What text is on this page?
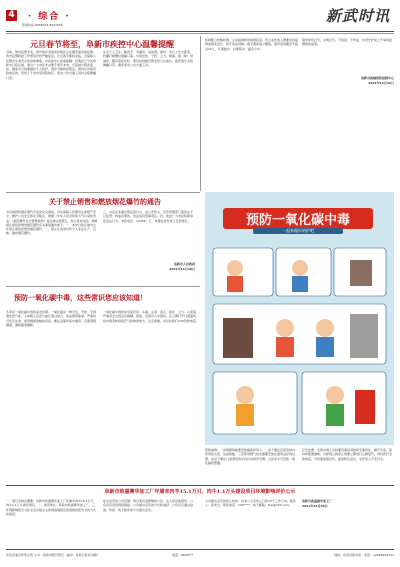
4 · 综合 ·
新闻热线:8068076 8993056	新武时讯
元旦春节将至，阜新市疾控中心温馨提醒
当前，国内疫情多发，国外的许多国家和地区正在爆发第四波疫情，我市疫情防控工作形势仍然严峻复杂。元旦春节即将来临，为保障人民群众生命安全和身体健康，市疾控中心郑重提醒：近期在辽宁省阜新市行政区域，建议广大市民非必要不离开本市，尽量减少跨省流动，确需出行的要做好个人防护，遵守当地防疫规定。国内有中高风险地区的，原则上不去中高风险地区，乘坐公共交通工具时全程佩戴口罩。
注意个人卫生，勤洗手、多通风、常消毒，保持一米以上社交距离，咳嗽打喷嚏时遮掩口鼻。出现发热、干咳、乏力、咽痛、嗅（味）觉减退、腹泻等症状时，要及时到就近的发热门诊就诊。就医途中全程佩戴口罩，避免乘坐公共交通工具。
积极配合核酸检测，主动接种新冠病毒疫苗。符合条件的人群要及时接种加强免疫针，筑牢免疫屏障。春节期间减少聚集，倡导家庭聚会不超过10人，红事缓办、白事简办、宴会少办。
倡导绿色过节、文明过节，不信谣、不传谣，共同守护来之不易的疫情防控成果。
阜新市疾病预防控制中心
2021年12月31日
关于禁止销售和燃放烟花爆竹的通告
为有效预防烟花爆竹引发的火灾事故，切实保障人民群众生命财产安全，维护公共安全和社会秩序，根据《中华人民共和国大气污染防治法》《烟花爆竹安全管理条例》等法律法规规定，结合我市实际，现就禁止销售和燃放烟花爆竹有关事项通告如下：一、本市行政区域内全年禁止销售和燃放烟花爆竹。二、禁止任何单位和个人非法生产、运输、储存烟花爆竹。
三、对违反本通告规定的行为，由公安机关、应急管理部门等依法予以处罚；构成犯罪的，依法追究刑事责任。四、欢迎广大市民积极举报违法行为。举报电话：12345。五、本通告自发布之日起施行。
阜新市人民政府
2021年11月10日
预防一氧化碳中毒
一起来做好防护吧
预防一氧化碳中毒，这些常识您应该知道！
冬季是一氧化碳中毒的高发时期。一氧化碳是一种无色、无味、无刺激性的气体，人体吸入后会与血红蛋白结合，造成组织缺氧，严重时可危及生命。使用燃煤取暖的家庭，要注意保持室内通风，定期清理烟道，确保烟道通畅。
一氧化碳中毒的常见症状有：头痛、头晕、恶心、呕吐、乏力、心慌等，严重者会出现意识模糊、昏迷。发现有人中毒时，应立即打开门窗通风，将中毒者转移到空气新鲜的地方，注意保暖，并及时拨打120急救电话。
预防措施：一是燃煤取暖要安装烟囱和风斗；二是不要在密闭房间内使用炭火锅、炭盆取暖；三是使用燃气热水器要安装在通风良好的位置；四是不要在门窗紧闭的车内长时间开空调；五是家中可安装一氧化碳报警器。
应急处置：发现中毒人员时要迅速将其转移至通风处，解开衣领，保持呼吸道通畅；对呼吸心跳停止的要立即进行心肺复苏，同时拨打急救电话。平时要加强宣传，提高防范意识，守护家人平安过冬。
阜新市致嘉赛华加工厂年屠宰肉羊15.1万只、肉牛1.1万头建设项目环境影响评价公示
一、项目名称及概要：阜新市致嘉赛华加工厂年屠宰肉羊15.1万只、肉牛1.1万头建设项目。二、建设单位：阜新市致嘉赛华加工厂。三、环境影响报告书征求意见稿全文的网络链接及查阅纸质报告书的方式和途径。
征求意见的公众范围：项目周边受影响的公民、法人和其他组织。公众意见表的网络链接。公众提出意见的方式和途径：公众可以通过信函、传真、电子邮件等方式提出意见。
公众提出意见的起止时间：自本公示发布之日起10个工作日内。联系人：孙先生；联系电话：139****；电子邮箱：fxzj@163.com。
阜新市致嘉赛华加工厂
2021年12月30日
彰武县委宣传部主管 主办 · 阜新市报刊登记 · 编印：阜新日报社印刷厂	电话：6849***	地址：彰武县新华街 · 电话：12604952751
